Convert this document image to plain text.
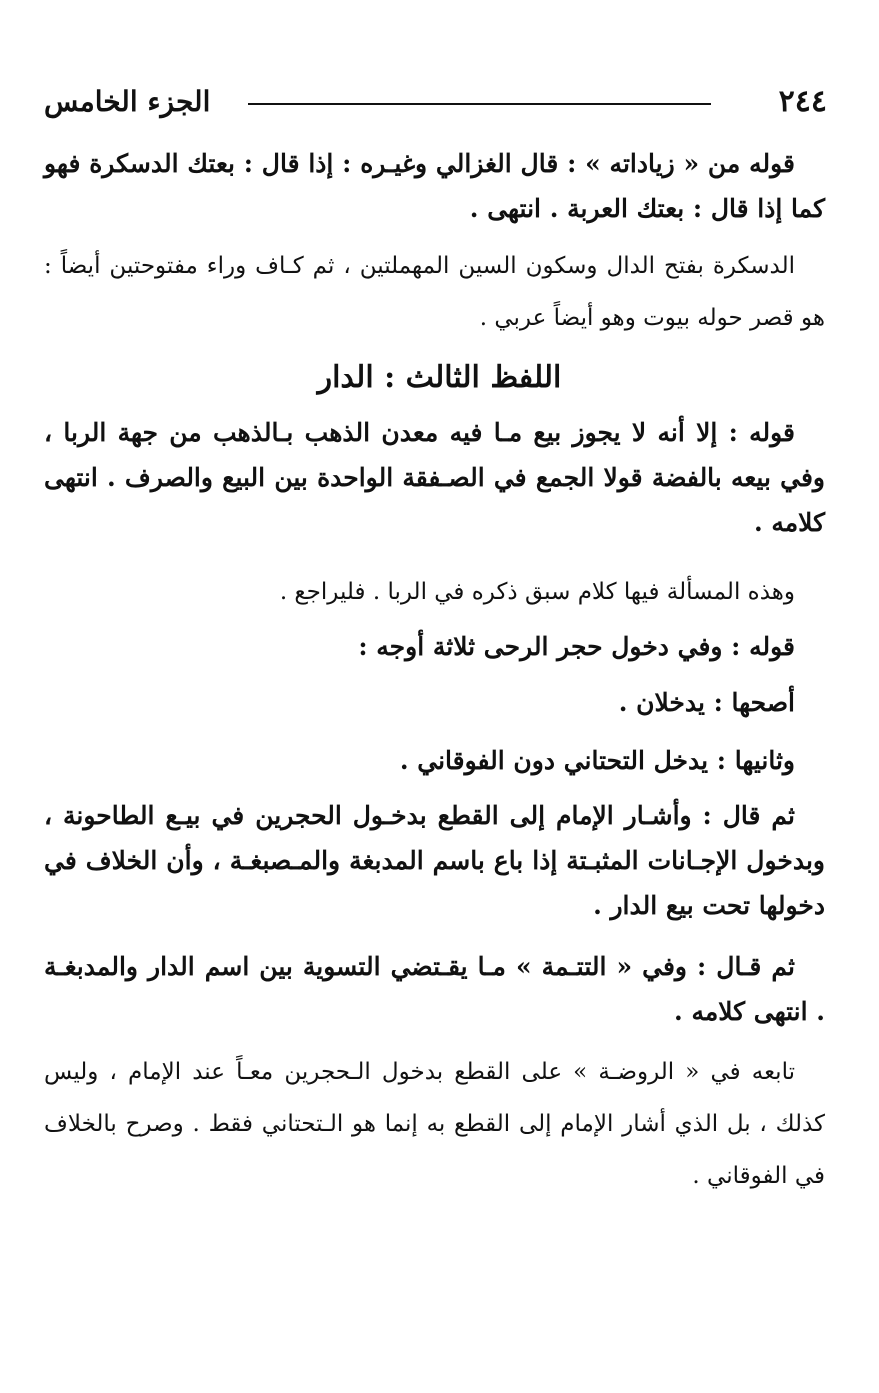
٢٤٤
الجزء الخامس

قوله من « زياداته » : قال الغزالي وغيـره : إذا قال : بعتك الدسكرة فهو كما إذا قال : بعتك العربة . انتهى .

الدسكرة بفتح الدال وسكون السين المهملتين ، ثم كـاف وراء مفتوحتين أيضاً : هو قصر حوله بيوت وهو أيضاً عربي .

اللفظ الثالث : الدار

قوله : إلا أنه لا يجوز بيع مـا فيه معدن الذهب بـالذهب من جهة الربا ، وفي بيعه بالفضة قولا الجمع في الصـفقة الواحدة بين البيع والصرف . انتهى كلامه .

وهذه المسألة فيها كلام سبق ذكره في الربا . فليراجع .

قوله : وفي دخول حجر الرحى ثلاثة أوجه :

أصحها : يدخلان .

وثانيها : يدخل التحتاني دون الفوقاني .

ثم قال : وأشـار الإمام إلى القطع بدخـول الحجرين في بيـع الطاحونة ، وبدخول الإجـانات المثبـتة إذا باع باسم المدبغة والمـصبغـة ، وأن الخلاف في دخولها تحت بيع الدار .

ثم قـال : وفي « التتـمة » مـا يقـتضي التسوية بين اسم الدار والمدبغـة . انتهى كلامه .

تابعه في « الروضـة » على القطع بدخول الـحجرين معـاً عند الإمام ، وليس كذلك ، بل الذي أشار الإمام إلى القطع به إنما هو الـتحتاني فقط . وصرح بالخلاف في الفوقاني .
